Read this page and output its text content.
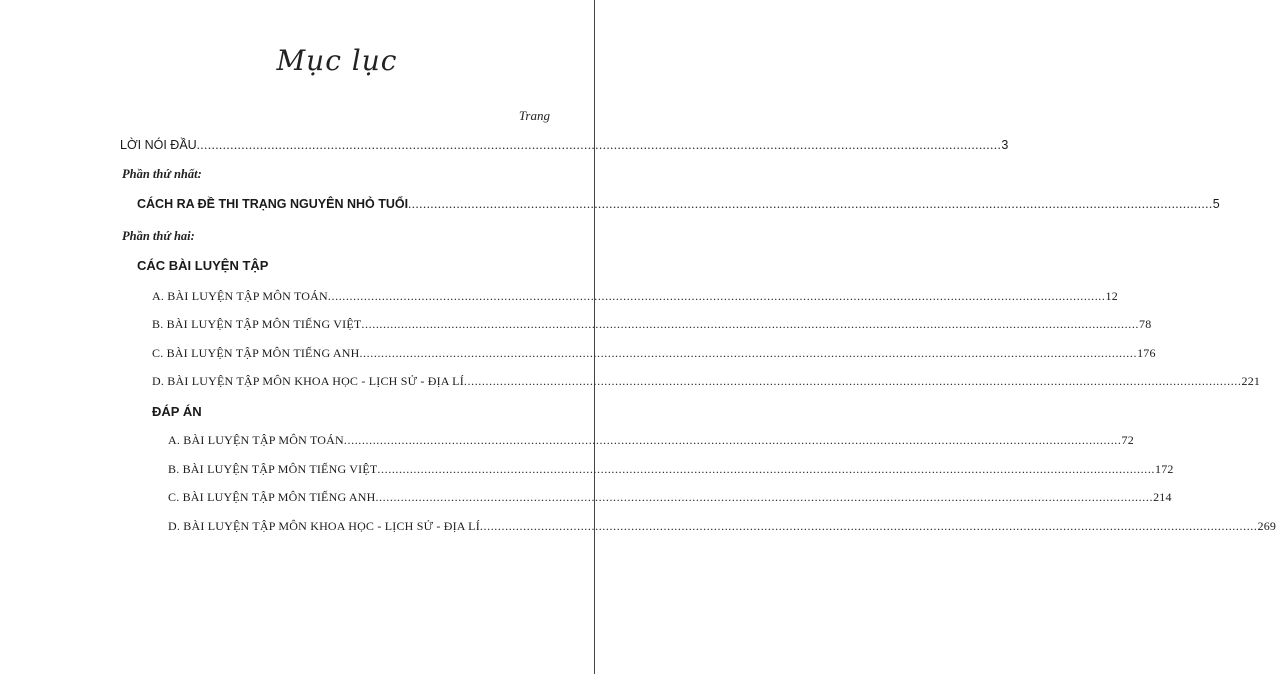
Mục lục
Trang
LỜI NÓI ĐẦU ........................................................................................................................................................................................................................ 3
Phần thứ nhất:
CÁCH RA ĐỀ THI TRẠNG NGUYÊN NHỎ TUỔI ........................................................................................................................................................................................................................ 5
Phần thứ hai:
CÁC BÀI LUYỆN TẬP
A. BÀI LUYỆN TẬP MÔN TOÁN ........................................................................................................................................................................................................................ 12
B. BÀI LUYỆN TẬP MÔN TIẾNG VIỆT ........................................................................................................................................................................................................................ 78
C. BÀI LUYỆN TẬP MÔN TIẾNG ANH ........................................................................................................................................................................................................................ 176
D. BÀI LUYỆN TẬP MÔN KHOA HỌC - LỊCH SỬ - ĐỊA LÍ ........................................................................................................................................................................................................................ 221
ĐÁP ÁN
A. BÀI LUYỆN TẬP MÔN TOÁN ........................................................................................................................................................................................................................ 72
B. BÀI LUYỆN TẬP MÔN TIẾNG VIỆT ........................................................................................................................................................................................................................ 172
C. BÀI LUYỆN TẬP MÔN TIẾNG ANH ........................................................................................................................................................................................................................ 214
D. BÀI LUYỆN TẬP MÔN KHOA HỌC - LỊCH SỬ - ĐỊA LÍ ........................................................................................................................................................................................................................ 269
